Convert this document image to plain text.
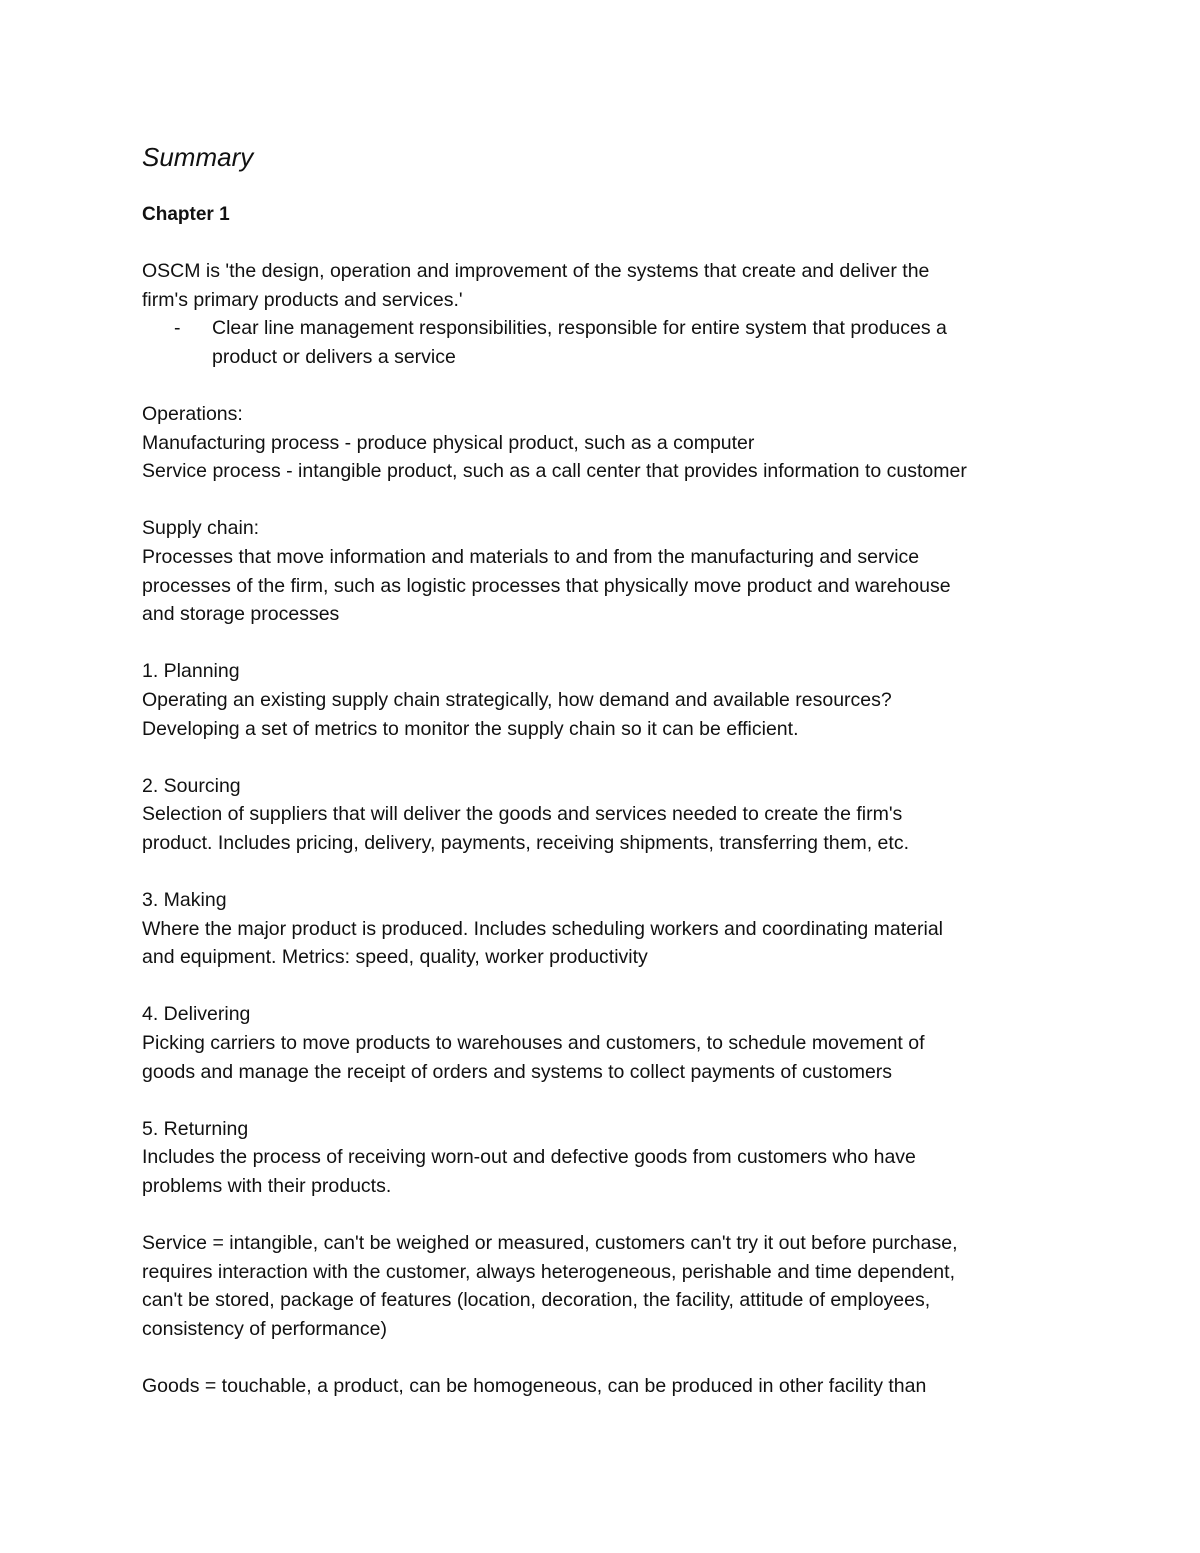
Summary
Chapter 1

OSCM is 'the design, operation and improvement of the systems that create and deliver the

firm's primary products and services.'

-	Clear line management responsibilities, responsible for entire system that produces a
product or delivers a service

Operations:

Manufacturing process - produce physical product, such as a computer

Service process - intangible product, such as a call center that provides information to customer

Supply chain:

Processes that move information and materials to and from the manufacturing and service

processes of the firm, such as logistic processes that physically move product and warehouse

and storage processes

1. Planning

Operating an existing supply chain strategically, how demand and available resources?

Developing a set of metrics to monitor the supply chain so it can be efficient.

2. Sourcing

Selection of suppliers that will deliver the goods and services needed to create the firm's

product. Includes pricing, delivery, payments, receiving shipments, transferring them, etc.

3. Making

Where the major product is produced. Includes scheduling workers and coordinating material

and equipment. Metrics: speed, quality, worker productivity

4. Delivering

Picking carriers to move products to warehouses and customers, to schedule movement of

goods and manage the receipt of orders and systems to collect payments of customers

5. Returning

Includes the process of receiving worn-out and defective goods from customers who have

problems with their products.

Service = intangible, can't be weighed or measured, customers can't try it out before purchase,

requires interaction with the customer, always heterogeneous, perishable and time dependent,

can't be stored, package of features (location, decoration, the facility, attitude of employees,

consistency of performance)

Goods = touchable, a product, can be homogeneous, can be produced in other facility than
